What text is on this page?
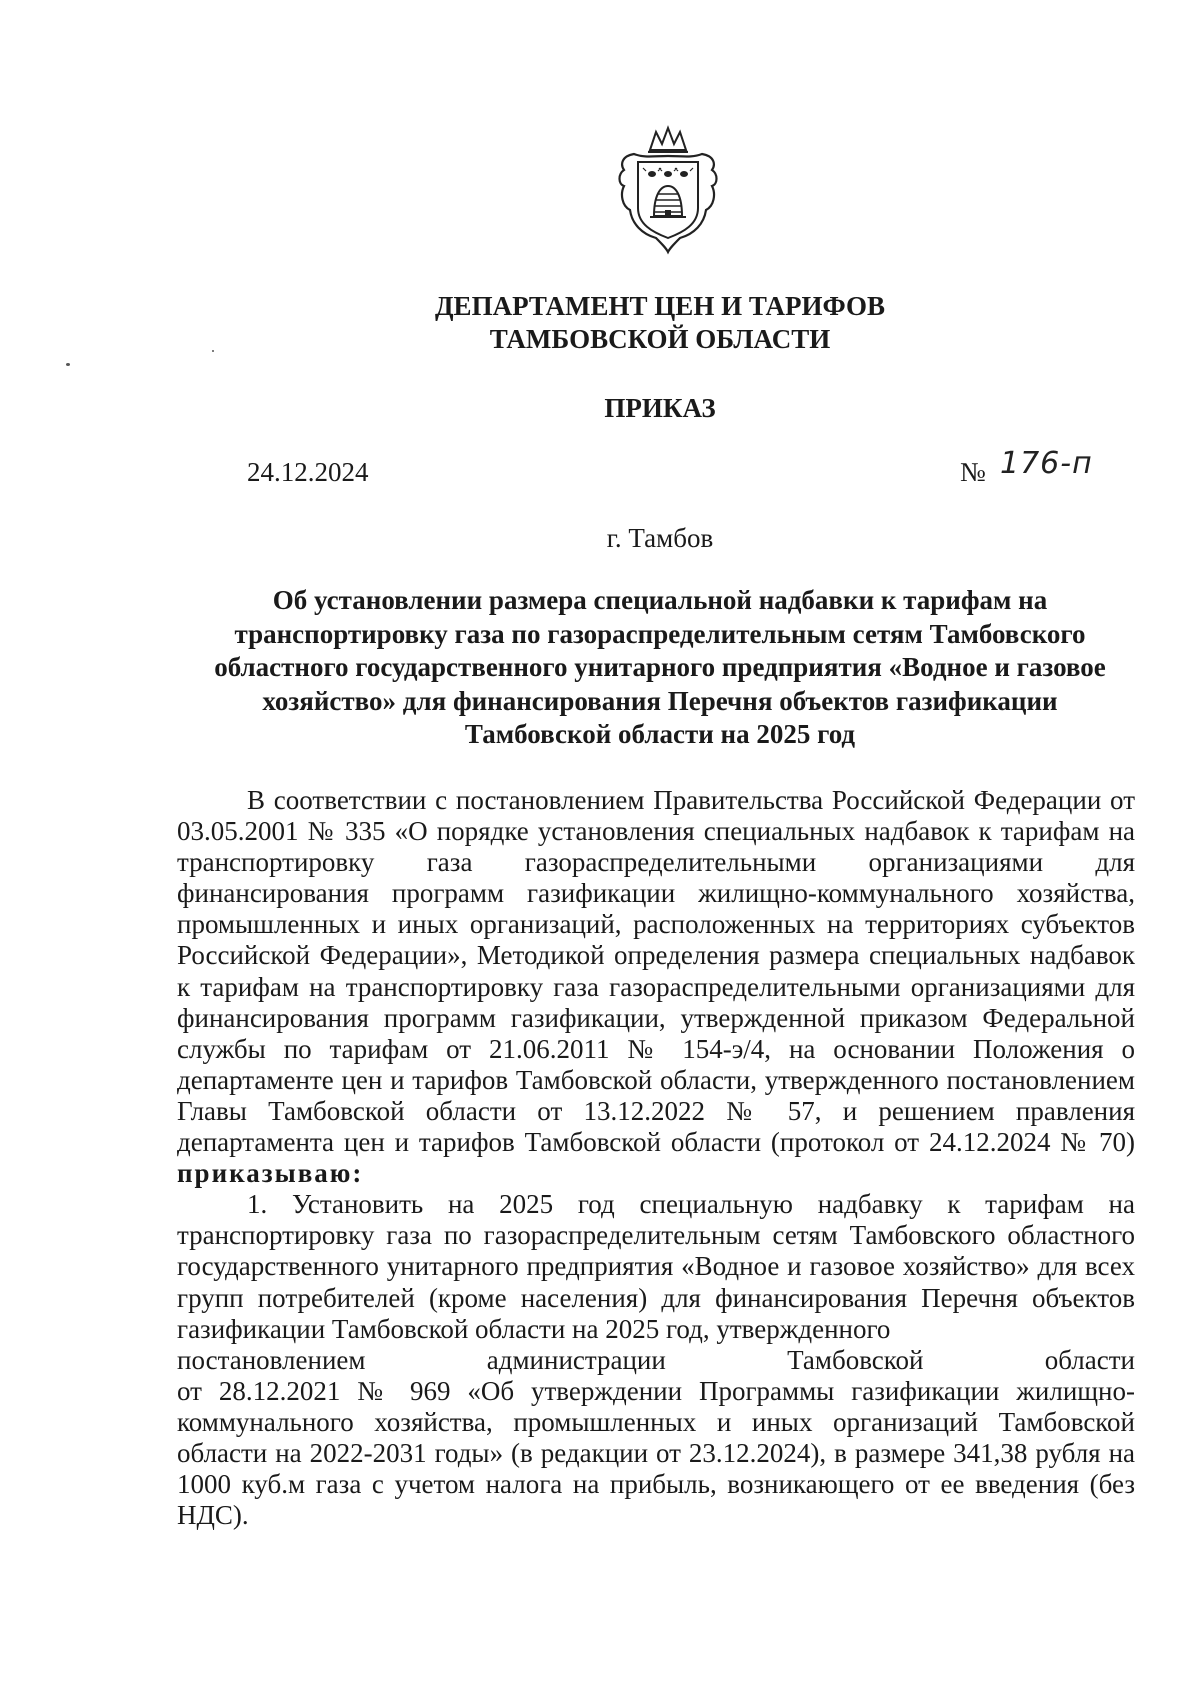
ДЕПАРТАМЕНТ ЦЕН И ТАРИФОВ
ТАМБОВСКОЙ ОБЛАСТИ
ПРИКАЗ
24.12.2024	№ 176-п
г. Тамбов
Об установлении размера специальной надбавки к тарифам на
транспортировку газа по газораспределительным сетям Тамбовского
областного государственного унитарного предприятия «Водное и газовое
хозяйство» для финансирования Перечня объектов газификации
Тамбовской области на 2025 год

В соответствии с постановлением Правительства Российской Федерации от 03.05.2001 № 335 «О порядке установления специальных надбавок к тарифам на транспортировку газа газораспределительными организациями для финансирования программ газификации жилищно-коммунального хозяйства, промышленных и иных организаций, расположенных на территориях субъектов Российской Федерации», Методикой определения размера специальных надбавок к тарифам на транспортировку газа газораспределительными организациями для финансирования программ газификации, утвержденной приказом Федеральной службы по тарифам от 21.06.2011 № 154-э/4, на основании Положения о департаменте цен и тарифов Тамбовской области, утвержденного постановлением Главы Тамбовской области от 13.12.2022 № 57, и решением правления департамента цен и тарифов Тамбовской области (протокол от 24.12.2024 № 70) приказываю:

1. Установить на 2025 год специальную надбавку к тарифам на транспортировку газа по газораспределительным сетям Тамбовского областного государственного унитарного предприятия «Водное и газовое хозяйство» для всех групп потребителей (кроме населения) для финансирования Перечня объектов газификации Тамбовской области на 2025 год, утвержденного

постановлением	администрации	Тамбовской	области

от 28.12.2021 № 969 «Об утверждении Программы газификации жилищно-коммунального хозяйства, промышленных и иных организаций Тамбовской области на 2022-2031 годы» (в редакции от 23.12.2024), в размере 341,38 рубля на 1000 куб.м газа с учетом налога на прибыль, возникающего от ее введения (без НДС).
